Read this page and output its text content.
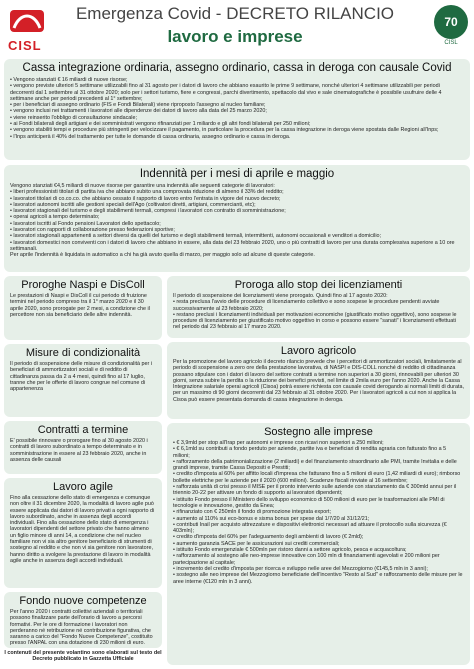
CISL
Emergenza Covid - DECRETO RILANCIO
lavoro e imprese
70
CISL
Cassa integrazione ordinaria, assegno ordinario, cassa in deroga con causale Covid
• Vengono stanziati € 16 miliardi di nuove risorse;
• vengono previste ulteriori 5 settimane utilizzabili fino al 31 agosto per i datori di lavoro che abbiano esaurito le prime 9 settimane, nonché ulteriori 4 settimane utilizzabili per periodi decorrenti dal 1 settembre al 31 ottobre 2020; solo per i settori turismo, fiere e congressi, parchi divertimento, spettacolo dal vivo e sale cinematografiche è possibile usufruire delle 4 settimane anche per periodi precedenti al 1° settembre;
• per i beneficiari di assegno ordinario (FIS e Fondi Bilaterali) viene riproposto l'assegno al nucleo familiare;
• vengono inclusi nei trattamenti i lavoratori alle dipendenze dei datori di lavoro alla data del 25 marzo 2020;
• viene reinserito l'obbligo di consultazione sindacale;
• ai Fondi bilaterali degli artigiani e dei somministrati vengono rifinanziati per 1 miliardo e gli altri fondi bilaterali per 250 milioni;
• vengono stabiliti tempi e procedure più stringenti per velocizzare il pagamento, in particolare la procedura per la cassa integrazione in deroga viene spostata dalle Regioni all'Inps;
• l'Inps anticiperà il 40% del trattamento per tutte le domande di cassa ordinaria, assegno ordinario e cassa in deroga.
Indennità per i mesi di aprile e maggio
Vengono stanziati €4,5 miliardi di nuove risorse per garantire una indennità alle seguenti categorie di lavoratori:
• liberi professionisti titolari di partita iva che abbiano subito una comprovata riduzione di almeno il 33% del reddito;
• lavoratori titolari di co.co.co. che abbiano cessato il rapporto di lavoro entro l'entrata in vigore del nuovo decreto;
• lavoratori autonomi iscritti alle gestioni speciali dell'Ago (coltivatori diretti, artigiani, commercianti, etc);
• lavoratori stagionali del turismo e degli stabilimenti termali, compresi i lavoratori con contratto di somministrazione;
• operai agricoli a tempo determinato;
• lavoratori iscritti al Fondo pensioni Lavoratori dello spettacolo;
• lavoratori con rapporti di collaborazione presso federazioni sportive;
• lavoratori stagionali appartenenti a settori diversi da quelli del turismo e degli stabilimenti termali, intermittenti, autonomi occasionali e venditori a domicilio;
• lavoratori domestici non conviventi con i datori di lavoro che abbiano in essere, alla data del 23 febbraio 2020, uno o più contratti di lavoro per una durata complessiva superiore a 10 ore settimanali.
Per aprile l'indennità è liquidata in automatico a chi ha già avuto quella di marzo, per maggio solo ad alcune di queste categorie.
Proroghe Naspi e DisColl

Le prestazioni di Naspi e DisColl il cui periodo di fruizione termini nel periodo compreso tra il 1° marzo 2020 e il 30 aprile 2020, sono prorogate per 2 mesi, a condizione che il percettore non sia beneficiario delle altre indennità.

Misure di condizionalità

Il periodo di sospensione delle misure di condizionalità per i beneficiari di ammortizzatori sociali e di reddito di cittadinanza passa da 2 a 4 mesi, quindi fino al 17 luglio, tranne che per le offerte di lavoro congrue nel comune di appartenenza

Contratti a termine

E' possibile rinnovare o prorogare fino al 30 agosto 2020 i contratti di lavoro subordinato a tempo determinato e in somministrazione in essere al 23 febbraio 2020, anche in assenza delle causali

Lavoro agile

Fino alla cessazione dello stato di emergenza e comunque non oltre il 31 dicembre 2020, la modalità di lavoro agile può essere applicata dai datori di lavoro privati a ogni rapporto di lavoro subordinato, anche in assenza degli accordi individuali. Fino alla cessazione dello stato di emergenza i lavoratori dipendenti del settore privato che hanno almeno un figlio minore di anni 14, a condizione che nel nucleo familiare non vi sia altro genitore beneficiario di strumenti di sostegno al reddito e che non vi sia genitore non lavoratore, hanno diritto a svolgere la prestazione di lavoro in modalità agile anche in assenza degli accordi individuali.

Fondo nuove competenze

Per l'anno 2020 i contratti collettivi aziendali o territoriali possono finalizzare parte dell'orario di lavoro a percorsi formativi. Per le ore di formazione i lavoratori non perderanno né retribuzione né contribuzione figurativa, che saranno a carico del "Fondo Nuove Competenze", costituito presso l'ANPAL con una dotazione di 230 milioni di euro.

I contenuti del presente volantino sono elaborati sul testo del Decreto pubblicato in Gazzetta Ufficiale
Proroga allo stop dei licenziamenti
Il periodo di sospensione dei licenziamenti viene prorogato. Quindi fino al 17 agosto 2020:
• resta preclusa l'avvio delle procedure di licenziamento collettivo e sono sospese le procedure pendenti avviate successivamente al 23 febbraio 2020;
• restano preclusi i licenziamenti individuali per motivazioni economiche (giustificato motivo oggettivo), sono sospese le procedure di licenziamento per giustificato motivo oggettivo in corso e possono essere "sanati" i licenziamenti effettuati nel periodo dal 23 febbraio al 17 marzo 2020.
Lavoro agricolo

Per la promozione del lavoro agricolo il decreto rilancio prevede che i percettori di ammortizzatori sociali, limitatamente al periodo di sospensione a zero ore della prestazione lavorativa, di NASPI e DIS-COLL nonché di reddito di cittadinanza possano stipulare con i datori di lavoro del settore contratti a termine non superiori a 30 giorni, rinnovabili per ulteriori 30 giorni, senza subire la perdita o la riduzione dei benefici previsti, nel limite di 2mila euro per l'anno 2020. Anche la Cassa Integrazione salariale operai agricoli (Cisoa) potrà essere richiesta con causale covid derogando ai normali limiti di durata, per un massimo di 90 giorni decorrenti dal 23 febbraio al 31 ottobre 2020. Per i lavoratori agricoli a cui non si applica la Cisoa può essere presentata domanda di cassa integrazione in deroga.

Sostegno alle imprese
• € 3,9mld per stop all'Irap per autonomi e imprese con ricavi non superiori a 250 milioni;
• € 6,1mld su contributi a fondo perduto per aziende, partite iva e beneficiari di rendita agraria con fatturato fino a 5 milioni;
• rafforzamento della patrimonializzazione (2 miliardi) e del finanziamento straordinario alle PMI, tramite Invitalia e delle grandi imprese, tramite Cassa Depositi e Prestiti;
• credito d'imposta al 60% per affitto locali d'impresa che fatturano fino a 5 milioni di euro (1,42 miliardi di euro); rimborso bollette elettriche per le aziende per il 2020 (600 milioni). Scadenze fiscali rinviate al 16 settembre;
• rafforzata unità di crisi presso il MISE per il pronto intervento sulle aziende con stanziamento da € 300mld annui per il triennio 20-22 per attivare un fondo di supporto ai lavoratori dipendenti;
• istituito Fondo presso il Ministero dello sviluppo economico di 500 milioni di euro per le trasformazioni alle PMI di tecnologie e innovazione, gestito da Enea;
• rifinanziato con € 250mln il fondo di promozione integrata export;
• aumento al 110% sui eco-bonus e sisma bonus per spese dal 1/7/20 al 31/12/21;
• contributi Inail per acquisto attrezzature e dispositivi elettronici necessari ad attuare il protocollo sulla sicurezza (€ 403mln);
• credito d'imposta del 60% per l'adeguamento degli ambienti di lavoro (€ 2mld);
• aumento garanzia SACE per le assicurazioni sui crediti commerciali;
• istituito Fondo emergenziale € 500mln per ristoro danni a settore agricolo, pesca e acquacoltura;
• rafforzamento al sostegno alle neo-imprese innovative con 100 mln di finanziamenti agevolati e 200 milioni per partecipazione al capitale;
• incremento del credito d'imposta per ricerca e sviluppo nelle aree del Mezzogiorno (€145,5 mln in 3 anni);
• sostegno alle neo imprese del Mezzogiorno beneficiarie dell'incentivo "Resto al Sud" e rafforzamento delle misure per le aree interne (€120 mln in 3 anni).
